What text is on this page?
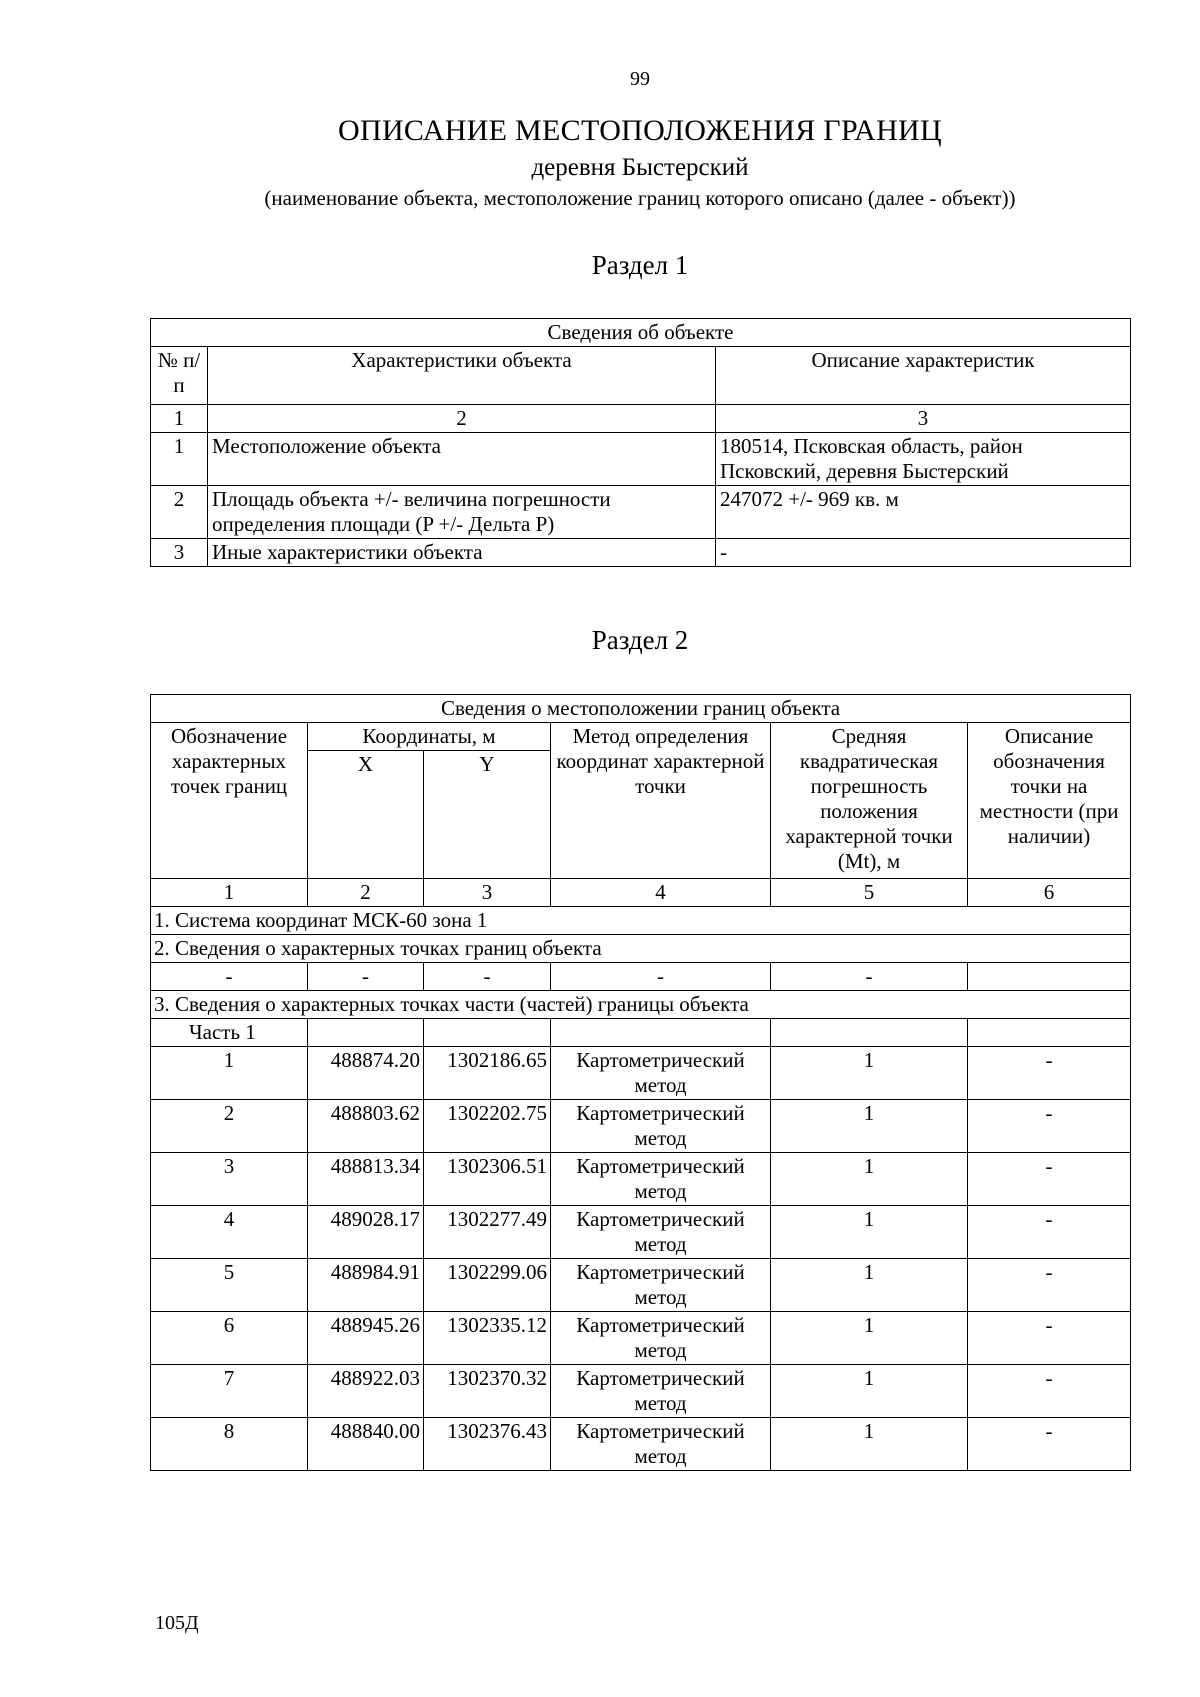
99
ОПИСАНИЕ МЕСТОПОЛОЖЕНИЯ ГРАНИЦ
деревня Быстерский
(наименование объекта, местоположение границ которого описано (далее - объект))
Раздел 1
Сведения об объекте		
№ п/п	Характеристики объекта	Описание характеристик
1	2	3
1	Местоположение объекта	180514, Псковская область, район Псковский, деревня Быстерский
2	Площадь объекта +/- величина погрешности определения площади (P +/- Дельта P)	247072 +/- 969 кв. м
3	Иные характеристики объекта	-
Раздел 2
Сведения о местоположении границ объекта					
Обозначение характерных точек границ	Координаты, м		Метод определения координат характерной точки	Средняя квадратическая погрешность положения характерной точки (Mt), м	Описание обозначения точки на местности (при наличии)
	X	Y			
1	2	3	4	5	6
1. Система координат МСК-60 зона 1					
2. Сведения о характерных точках границ объекта					
-	-	-	-	-	
3. Сведения о характерных точках части (частей) границы объекта					
Часть 1					
1	488874.20	1302186.65	Картометрический метод	1	-
2	488803.62	1302202.75	Картометрический метод	1	-
3	488813.34	1302306.51	Картометрический метод	1	-
4	489028.17	1302277.49	Картометрический метод	1	-
5	488984.91	1302299.06	Картометрический метод	1	-
6	488945.26	1302335.12	Картометрический метод	1	-
7	488922.03	1302370.32	Картометрический метод	1	-
8	488840.00	1302376.43	Картометрический метод	1	-
105Д
